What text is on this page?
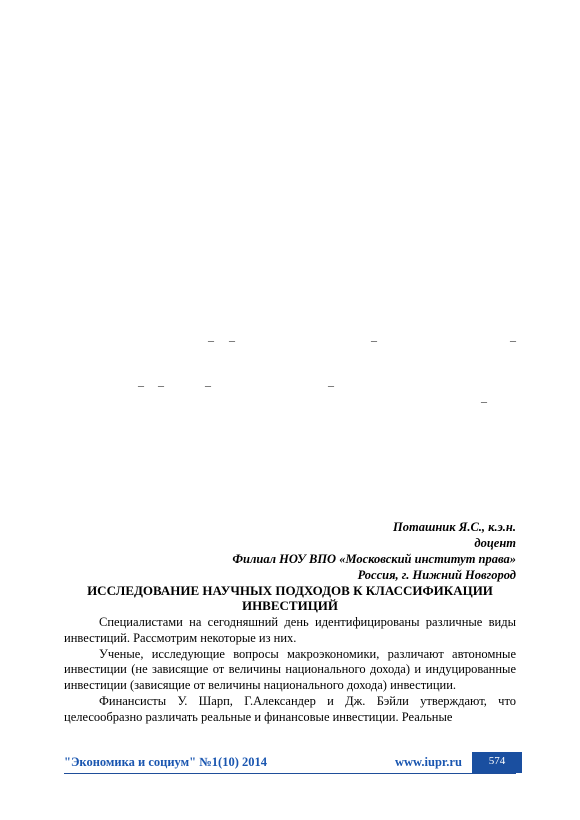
– –	–	–
– –	–	–
–
Поташник Я.С., к.э.н.
доцент
Филиал НОУ ВПО «Московский институт права»
Россия, г. Нижний Новгород
ИССЛЕДОВАНИЕ НАУЧНЫХ ПОДХОДОВ К КЛАССИФИКАЦИИ ИНВЕСТИЦИЙ

Специалистами на сегодняшний день идентифицированы различные виды инвестиций. Рассмотрим некоторые из них.

Ученые, исследующие вопросы макроэкономики, различают автономные инвестиции (не зависящие от величины национального дохода) и индуцированные инвестиции (зависящие от величины национального дохода) инвестиции.

Финансисты У. Шарп, Г.Александер и Дж. Бэйли утверждают, что целесообразно различать реальные и финансовые инвестиции. Реальные

"Экономика и социум" №1(10) 2014	www.iupr.ru	574
